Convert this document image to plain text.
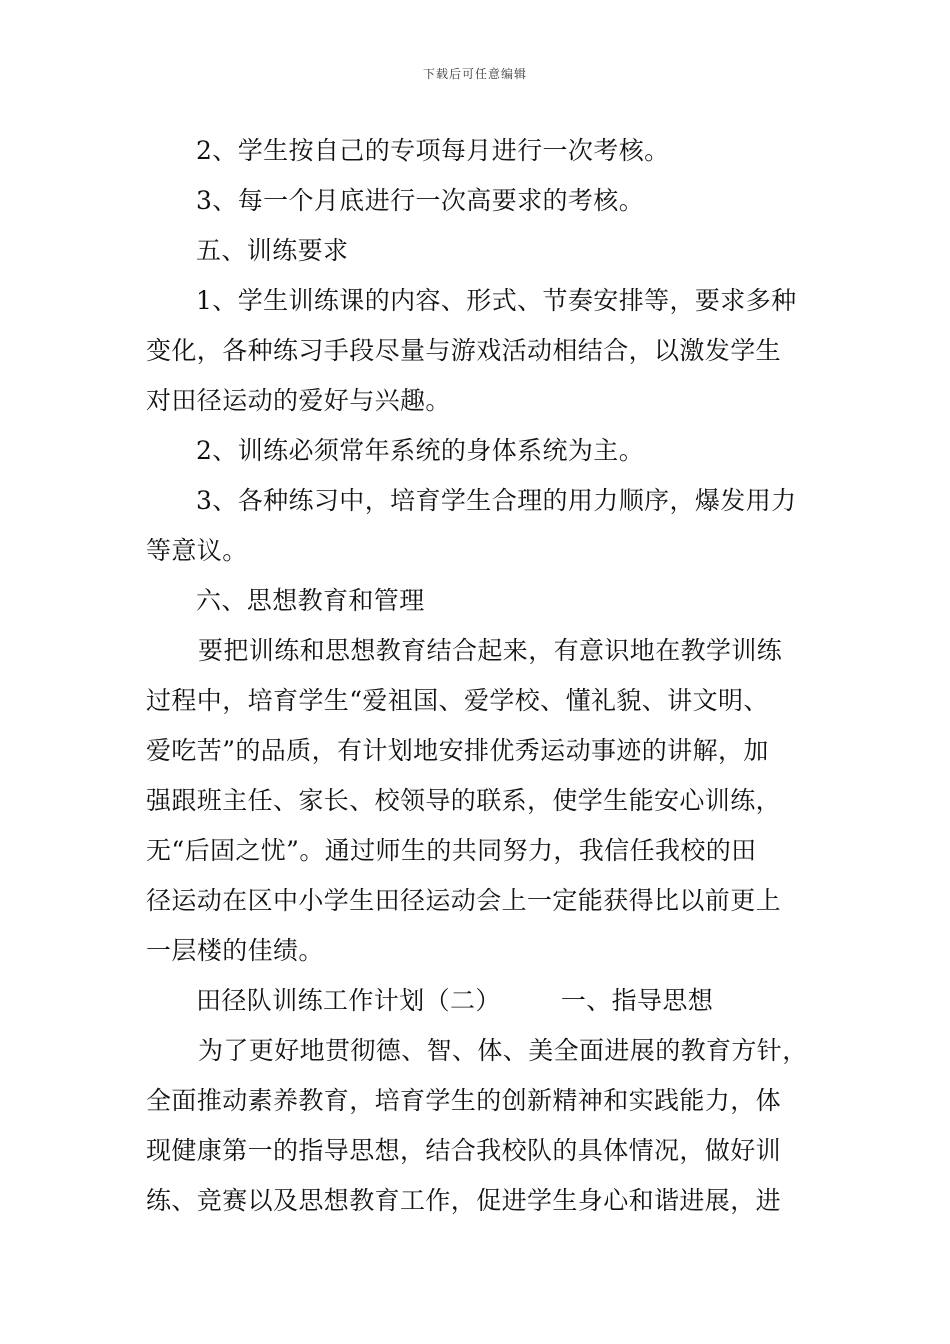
下载后可任意编辑
2、学生按自己的专项每月进行一次考核。
3、每一个月底进行一次高要求的考核。
五、训练要求
1、学生训练课的内容、形式、节奏安排等，要求多种
变化，各种练习手段尽量与游戏活动相结合，以激发学生
对田径运动的爱好与兴趣。
2、训练必须常年系统的身体系统为主。
3、各种练习中，培育学生合理的用力顺序，爆发用力
等意议。
六、思想教育和管理
要把训练和思想教育结合起来，有意识地在教学训练
过程中，培育学生“爱祖国、爱学校、懂礼貌、讲文明、
爱吃苦”的品质，有计划地安排优秀运动事迹的讲解，加
强跟班主任、家长、校领导的联系，使学生能安心训练，
无“后固之忧”。通过师生的共同努力，我信任我校的田
径运动在区中小学生田径运动会上一定能获得比以前更上
一层楼的佳绩。
田径队训练工作计划（二） 一、指导思想
为了更好地贯彻德、智、体、美全面进展的教育方针，
全面推动素养教育，培育学生的创新精神和实践能力，体
现健康第一的指导思想，结合我校队的具体情况，做好训
练、竞赛以及思想教育工作，促进学生身心和谐进展，进
